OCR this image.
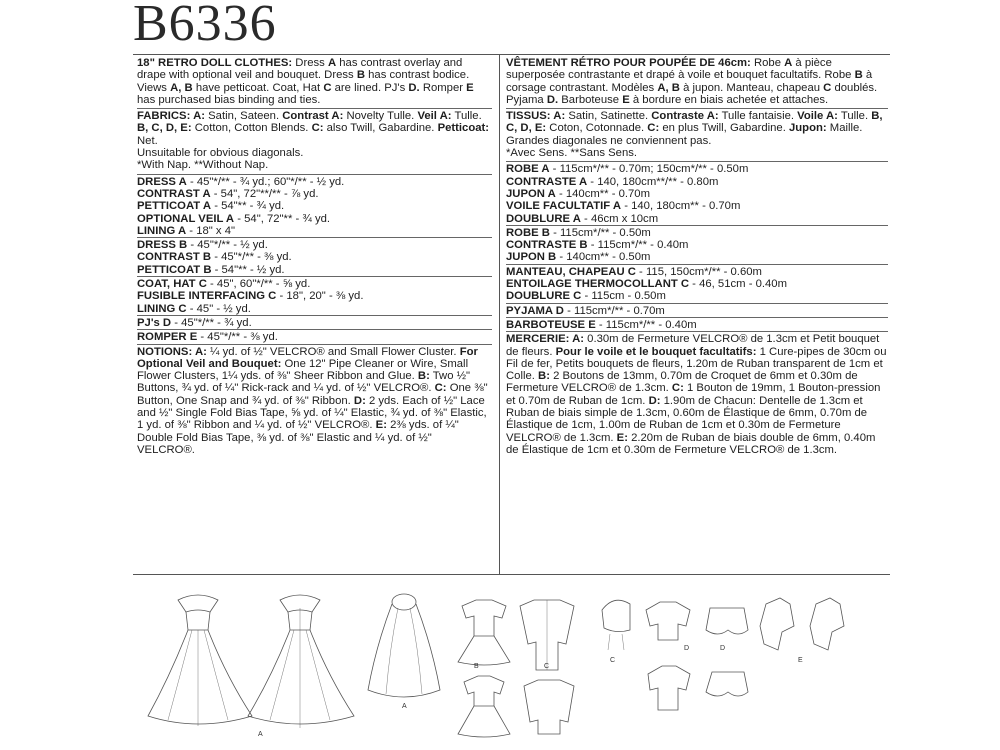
B6336

18" RETRO DOLL CLOTHES: Dress A has contrast overlay and drape with optional veil and bouquet. Dress B has contrast bodice. Views A, B have petticoat. Coat, Hat C are lined. PJ's D. Romper E has purchased bias binding and ties.

FABRICS: A: Satin, Sateen. Contrast A: Novelty Tulle. Veil A: Tulle. B, C, D, E: Cotton, Cotton Blends. C: also Twill, Gabardine. Petticoat: Net.

Unsuitable for obvious diagonals.

*With Nap. **Without Nap.

DRESS A - 45"*/** - ¾ yd.; 60"*/** - ½ yd.
CONTRAST A - 54", 72"**/** - ⅞ yd.
PETTICOAT A - 54"** - ¾ yd.
OPTIONAL VEIL A - 54", 72"** - ¾ yd.
LINING A - 18" x 4"
DRESS B - 45"*/** - ½ yd.
CONTRAST B - 45"*/** - ⅜ yd.
PETTICOAT B - 54"** - ½ yd.
COAT, HAT C - 45", 60"*/** - ⅝ yd.
FUSIBLE INTERFACING C - 18", 20" - ⅜ yd.
LINING C - 45" - ½ yd.
PJ's D - 45"*/** - ¾ yd.
ROMPER E - 45"*/** - ⅜ yd.

NOTIONS: A: ¼ yd. of ½" VELCRO® and Small Flower Cluster. For Optional Veil and Bouquet: One 12" Pipe Cleaner or Wire, Small Flower Clusters, 1¼ yds. of ⅜" Sheer Ribbon and Glue. B: Two ½" Buttons, ¾ yd. of ¼" Rick-rack and ¼ yd. of ½" VELCRO®. C: One ⅜" Button, One Snap and ¾ yd. of ⅜" Ribbon. D: 2 yds. Each of ½" Lace and ½" Single Fold Bias Tape, ⅝ yd. of ¼" Elastic, ¾ yd. of ⅜" Elastic, 1 yd. of ⅜" Ribbon and ¼ yd. of ½" VELCRO®. E: 2⅜ yds. of ¼" Double Fold Bias Tape, ⅜ yd. of ⅜" Elastic and ¼ yd. of ½" VELCRO®.

VÊTEMENT RÉTRO POUR POUPÉE DE 46cm: Robe A à pièce superposée contrastante et drapé à voile et bouquet facultatifs. Robe B à corsage contrastant. Modèles A, B à jupon. Manteau, chapeau C doublés. Pyjama D. Barboteuse E à bordure en biais achetée et attaches.

TISSUS: A: Satin, Satinette. Contraste A: Tulle fantaisie. Voile A: Tulle. B, C, D, E: Coton, Cotonnade. C: en plus Twill, Gabardine. Jupon: Maille.

Grandes diagonales ne conviennent pas.

*Avec Sens. **Sans Sens.

ROBE A - 115cm*/** - 0.70m; 150cm*/** - 0.50m
CONTRASTE A - 140, 180cm**/** - 0.80m
JUPON A - 140cm** - 0.70m
VOILE FACULTATIF A - 140, 180cm** - 0.70m
DOUBLURE A - 46cm x 10cm
ROBE B - 115cm*/** - 0.50m
CONTRASTE B - 115cm*/** - 0.40m
JUPON B - 140cm** - 0.50m
MANTEAU, CHAPEAU C - 115, 150cm*/** - 0.60m
ENTOILAGE THERMOCOLLANT C - 46, 51cm - 0.40m
DOUBLURE C - 115cm - 0.50m
PYJAMA D - 115cm*/** - 0.70m
BARBOTEUSE E - 115cm*/** - 0.40m

MERCERIE: A: 0.30m de Fermeture VELCRO® de 1.3cm et Petit bouquet de fleurs. Pour le voile et le bouquet facultatifs: 1 Cure-pipes de 30cm ou Fil de fer, Petits bouquets de fleurs, 1.20m de Ruban transparent de 1cm et Colle. B: 2 Boutons de 13mm, 0.70m de Croquet de 6mm et 0.30m de Fermeture VELCRO® de 1.3cm. C: 1 Bouton de 19mm, 1 Bouton-pression et 0.70m de Ruban de 1cm. D: 1.90m de Chacun: Dentelle de 1.3cm et Ruban de biais simple de 1.3cm, 0.60m de Élastique de 6mm, 0.70m de Élastique de 1cm, 1.00m de Ruban de 1cm et 0.30m de Fermeture VELCRO® de 1.3cm. E: 2.20m de Ruban de biais double de 6mm, 0.40m de Élastique de 1cm et 0.30m de Fermeture VELCRO® de 1.3cm.

A
A
B	C
C
D	D
E
